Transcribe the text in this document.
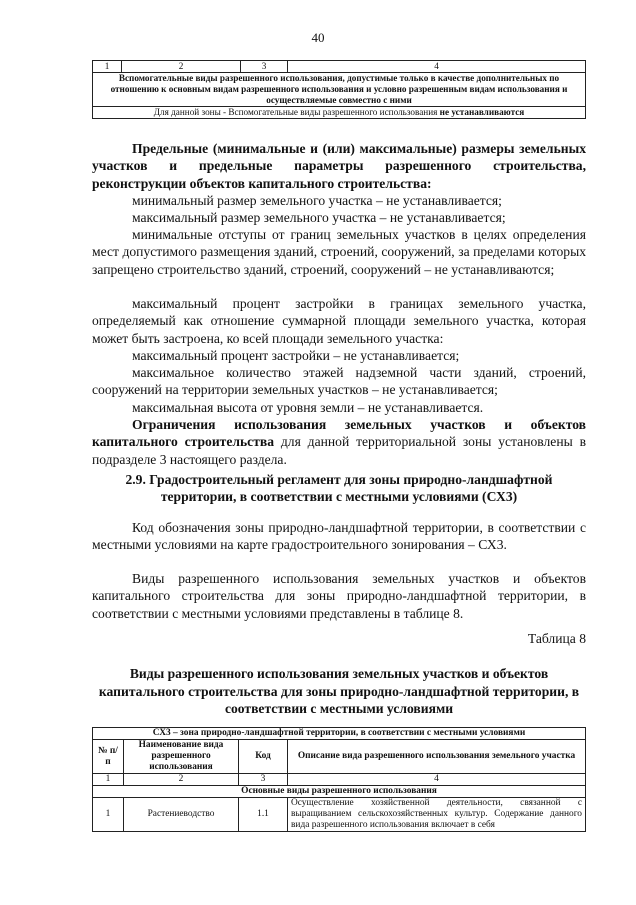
40
1	2	3	4
Вспомогательные виды разрешенного использования, допустимые только в качестве дополнительных по отношению к основным видам разрешенного использования и условно разрешенным видам использования и осуществляемые совместно с ними
Для данной зоны - Вспомогательные виды разрешенного использования не устанавливаются
Предельные (минимальные и (или) максимальные) размеры земельных участков и предельные параметры разрешенного строительства, реконструкции объектов капитального строительства:
минимальный размер земельного участка – не устанавливается;
максимальный размер земельного участка – не устанавливается;
минимальные отступы от границ земельных участков в целях определения мест допустимого размещения зданий, строений, сооружений, за пределами которых запрещено строительство зданий, строений, сооружений – не устанавливаются;
максимальный процент застройки в границах земельного участка, определяемый как отношение суммарной площади земельного участка, которая может быть застроена, ко всей площади земельного участка:
максимальный процент застройки – не устанавливается;
максимальное количество этажей надземной части зданий, строений, сооружений на территории земельных участков – не устанавливается;
максимальная высота от уровня земли – не устанавливается.
Ограничения использования земельных участков и объектов капитального строительства для данной территориальной зоны установлены в подразделе 3 настоящего раздела.
2.9. Градостроительный регламент для зоны природно-ландшафтной территории, в соответствии с местными условиями (СХ3)
Код обозначения зоны природно-ландшафтной территории, в соответствии с местными условиями на карте градостроительного зонирования – СХ3.
Виды разрешенного использования земельных участков и объектов капитального строительства для зоны природно-ландшафтной территории, в соответствии с местными условиями представлены в таблице 8.
Таблица 8
Виды разрешенного использования земельных участков и объектов капитального строительства для зоны природно-ландшафтной территории, в соответствии с местными условиями
СХ3 – зона природно-ландшафтной территории, в соответствии с местными условиями			
№ п/п	Наименование вида разрешенного использования	Код	Описание вида разрешенного использования земельного участка
1	2	3	4
Основные виды разрешенного использования			
1	Растениеводство	1.1	Осуществление хозяйственной деятельности, связанной с выращиванием сельскохозяйственных культур. Содержание данного вида разрешенного использования включает в себя
